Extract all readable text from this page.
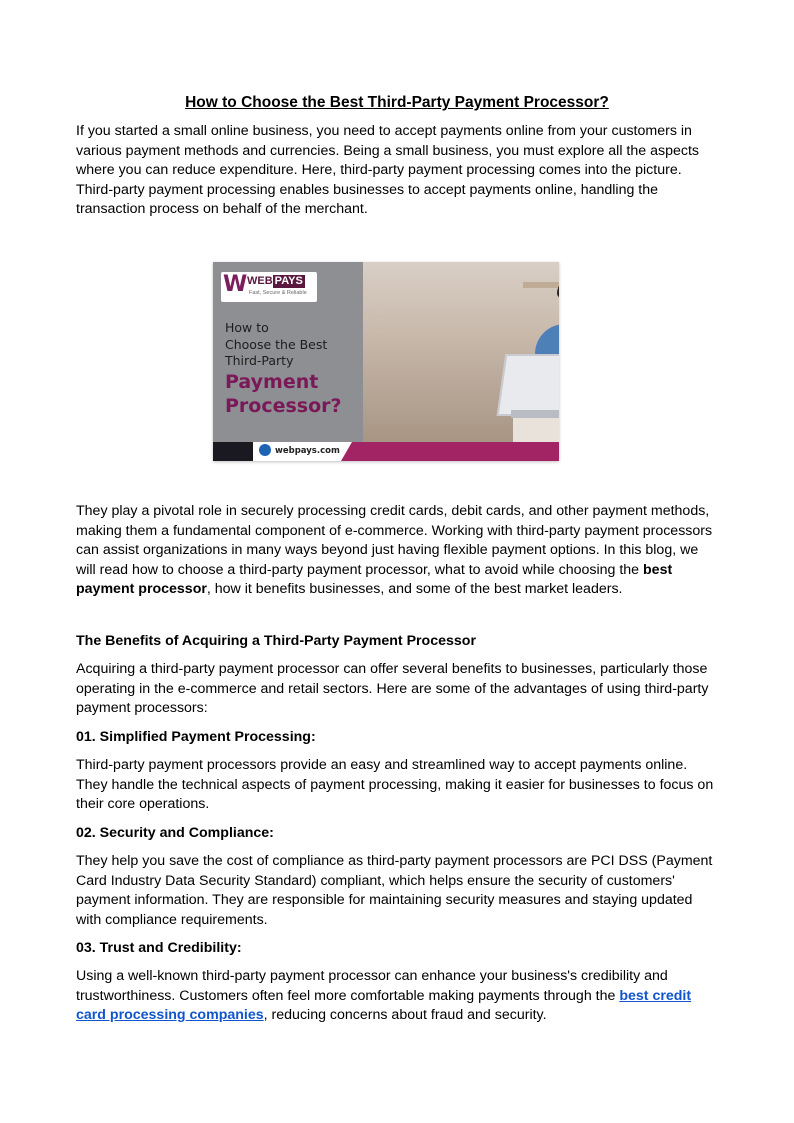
How to Choose the Best Third-Party Payment Processor?

If you started a small online business, you need to accept payments online from your customers in various payment methods and currencies. Being a small business, you must explore all the aspects where you can reduce expenditure. Here, third-party payment processing comes into the picture. Third-party payment processing enables businesses to accept payments online, handling the transaction process on behalf of the merchant.

W WEB PAYS
Fast, Secure & Reliable
How to
Choose the Best
Third-Party
Payment
Processor?
webpays.com

They play a pivotal role in securely processing credit cards, debit cards, and other payment methods, making them a fundamental component of e-commerce. Working with third-party payment processors can assist organizations in many ways beyond just having flexible payment options. In this blog, we will read how to choose a third-party payment processor, what to avoid while choosing the best payment processor, how it benefits businesses, and some of the best market leaders.

The Benefits of Acquiring a Third-Party Payment Processor

Acquiring a third-party payment processor can offer several benefits to businesses, particularly those operating in the e-commerce and retail sectors. Here are some of the advantages of using third-party payment processors:

01. Simplified Payment Processing:

Third-party payment processors provide an easy and streamlined way to accept payments online. They handle the technical aspects of payment processing, making it easier for businesses to focus on their core operations.

02. Security and Compliance:

They help you save the cost of compliance as third-party payment processors are PCI DSS (Payment Card Industry Data Security Standard) compliant, which helps ensure the security of customers' payment information. They are responsible for maintaining security measures and staying updated with compliance requirements.

03. Trust and Credibility:

Using a well-known third-party payment processor can enhance your business's credibility and trustworthiness. Customers often feel more comfortable making payments through the best credit card processing companies, reducing concerns about fraud and security.
